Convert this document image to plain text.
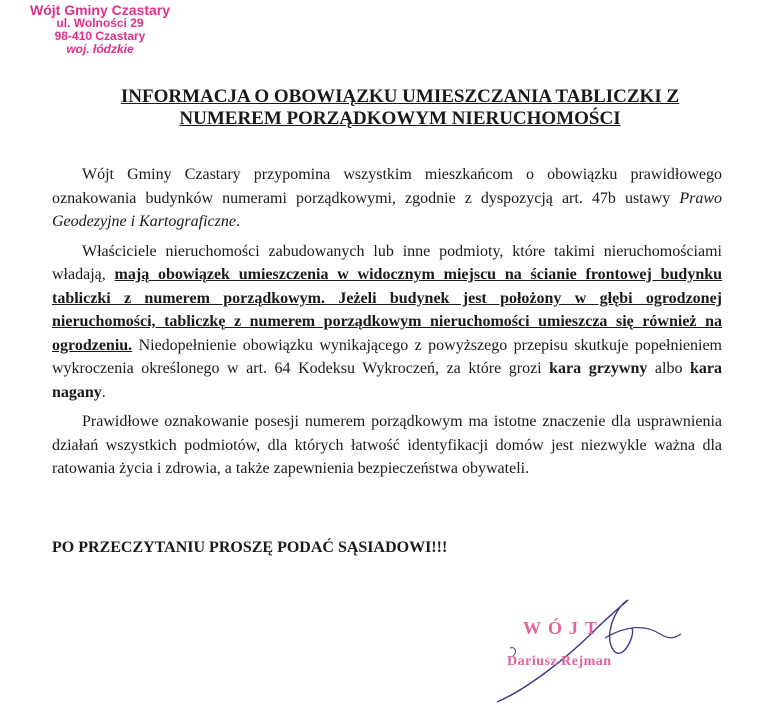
Wójt Gminy Czastary
ul. Wolności 29
98-410 Czastary
woj. łódzkie
INFORMACJA O OBOWIĄZKU UMIESZCZANIA TABLICZKI Z
NUMEREM PORZĄDKOWYM NIERUCHOMOŚCI

Wójt Gminy Czastary przypomina wszystkim mieszkańcom o obowiązku prawidłowego oznakowania budynków numerami porządkowymi, zgodnie z dyspozycją art. 47b ustawy Prawo Geodezyjne i Kartograficzne.

Właściciele nieruchomości zabudowanych lub inne podmioty, które takimi nieruchomościami władają, mają obowiązek umieszczenia w widocznym miejscu na ścianie frontowej budynku tabliczki z numerem porządkowym. Jeżeli budynek jest położony w głębi ogrodzonej nieruchomości, tabliczkę z numerem porządkowym nieruchomości umieszcza się również na ogrodzeniu. Niedopełnienie obowiązku wynikającego z powyższego przepisu skutkuje popełnieniem wykroczenia określonego w art. 64 Kodeksu Wykroczeń, za które grozi kara grzywny albo kara nagany.

Prawidłowe oznakowanie posesji numerem porządkowym ma istotne znaczenie dla usprawnienia działań wszystkich podmiotów, dla których łatwość identyfikacji domów jest niezwykle ważna dla ratowania życia i zdrowia, a także zapewnienia bezpieczeństwa obywateli.

PO PRZECZYTANIU PROSZĘ PODAĆ SĄSIADOWI!!!
WÓJT
Dariusz Rejman
